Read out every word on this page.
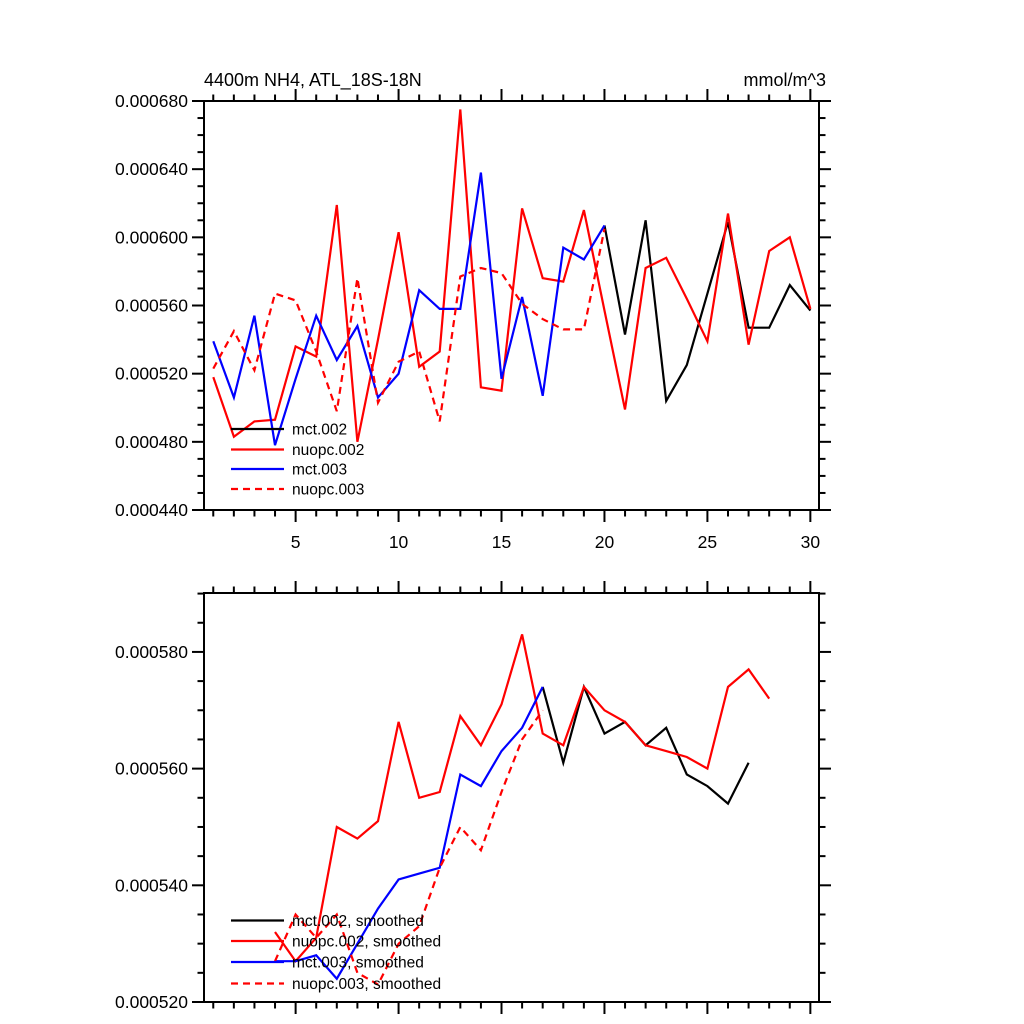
5	10	15	20	25	30
0.000440
0.000480
0.000520
0.000560
0.000600
0.000640
0.000680
mct.002
nuopc.002
mct.003
nuopc.003
4400m NH4, ATL_18S-18N	mmol/m^3
0.000520
0.000540
0.000560
0.000580
mct.002, smoothed
nuopc.002, smoothed
mct.003, smoothed
nuopc.003, smoothed
